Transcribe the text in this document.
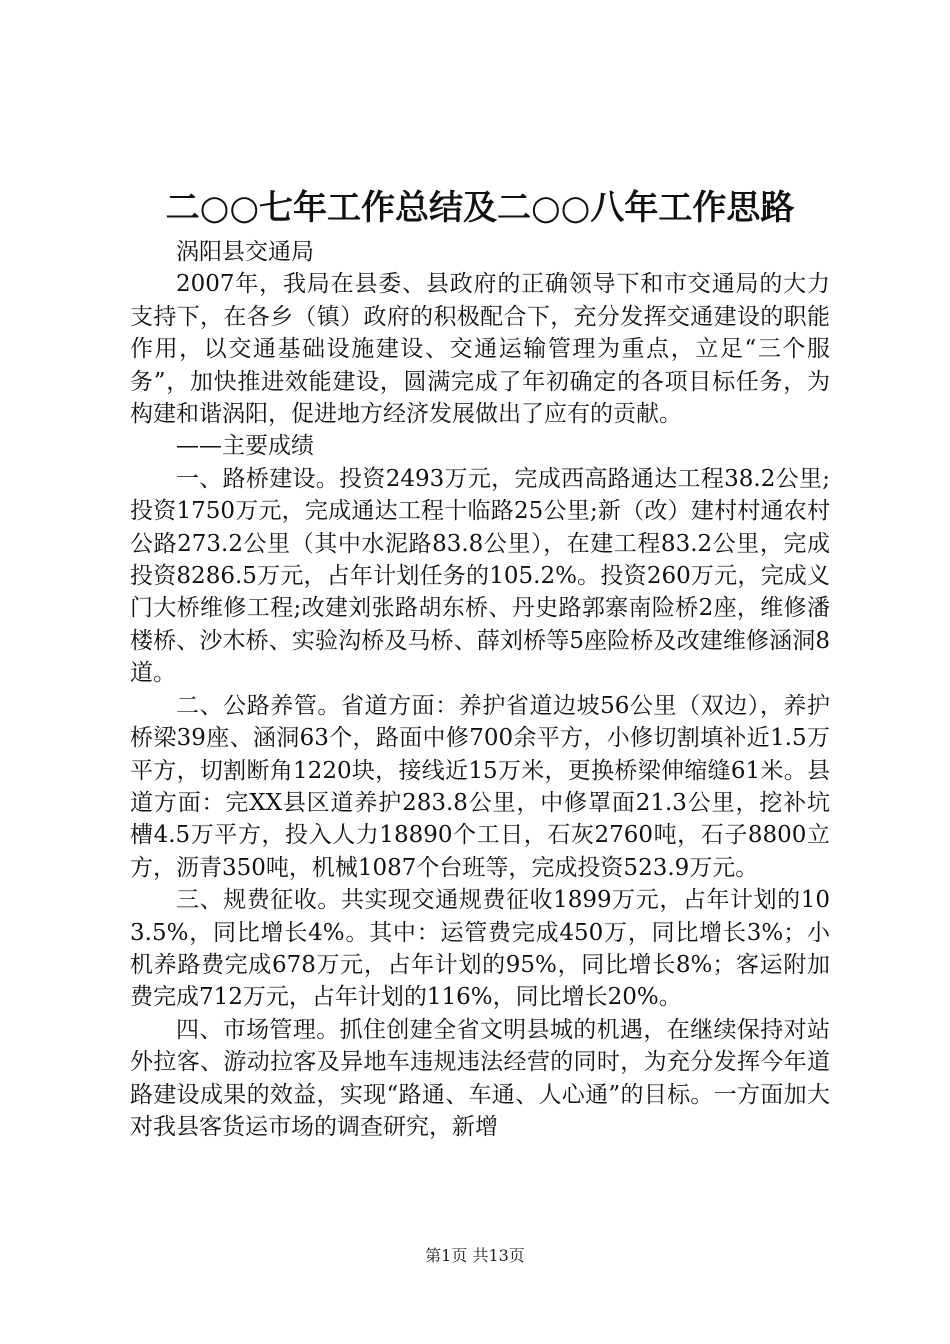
二○○七年工作总结及二○○八年工作思路

涡阳县交通局

2007年，我局在县委、县政府的正确领导下和市交通局的大力支持下，在各乡（镇）政府的积极配合下，充分发挥交通建设的职能作用，以交通基础设施建设、交通运输管理为重点，立足“三个服务”，加快推进效能建设，圆满完成了年初确定的各项目标任务，为构建和谐涡阳，促进地方经济发展做出了应有的贡献。

——主要成绩

一、路桥建设。投资2493万元，完成西高路通达工程38.2公里;投资1750万元，完成通达工程十临路25公里;新（改）建村村通农村公路273.2公里（其中水泥路83.8公里），在建工程83.2公里，完成投资8286.5万元，占年计划任务的105.2%。投资260万元，完成义门大桥维修工程;改建刘张路胡东桥、丹史路郭寨南险桥2座，维修潘楼桥、沙木桥、实验沟桥及马桥、薛刘桥等5座险桥及改建维修涵洞8道。

二、公路养管。省道方面：养护省道边坡56公里（双边），养护桥梁39座、涵洞63个，路面中修700余平方，小修切割填补近1.5万平方，切割断角1220块，接线近15万米，更换桥梁伸缩缝61米。县道方面：完XX县区道养护283.8公里，中修罩面21.3公里，挖补坑槽4.5万平方，投入人力18890个工日，石灰2760吨，石子8800立方，沥青350吨，机械1087个台班等，完成投资523.9万元。

三、规费征收。共实现交通规费征收1899万元，占年计划的103.5%，同比增长4%。其中：运管费完成450万，同比增长3%；小机养路费完成678万元，占年计划的95%，同比增长8%；客运附加费完成712万元，占年计划的116%，同比增长20%。

四、市场管理。抓住创建全省文明县城的机遇，在继续保持对站外拉客、游动拉客及异地车违规违法经营的同时，为充分发挥今年道路建设成果的效益，实现“路通、车通、人心通”的目标。一方面加大对我县客货运市场的调查研究，新增

第1页 共13页
